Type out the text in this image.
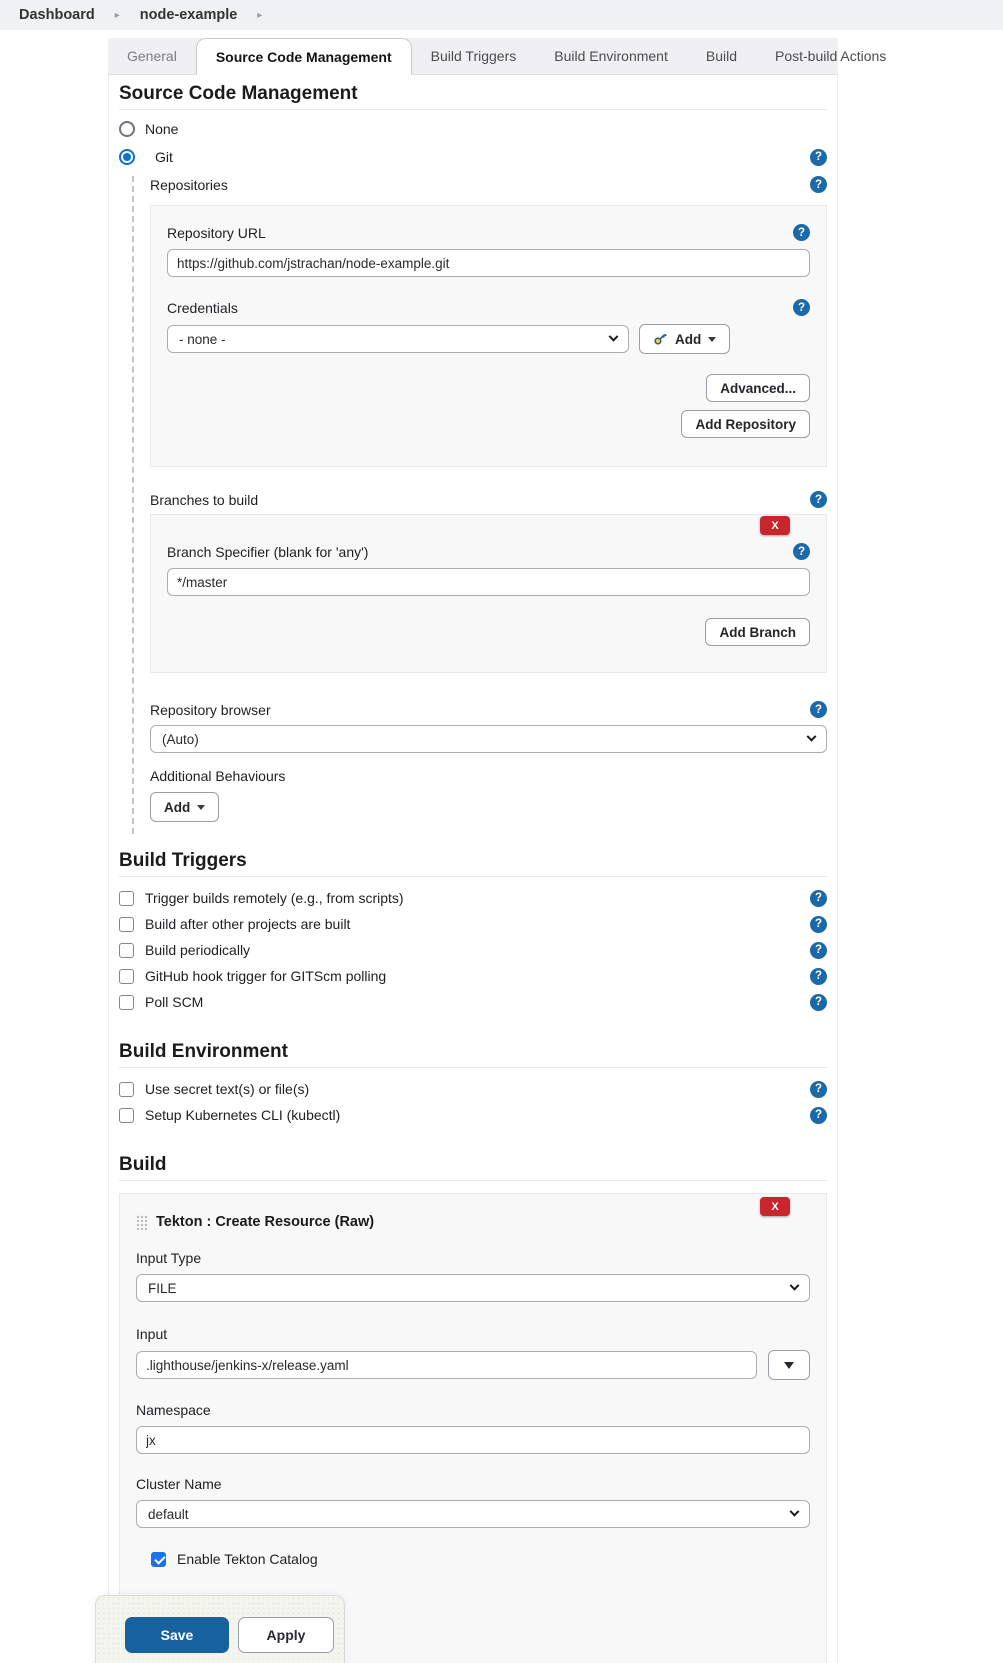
Dashboard ▸ node-example ▸
General	Source Code Management	Build Triggers	Build Environment	Build	Post-build Actions
Source Code Management
None
Git	?
Repositories	?
Repository URL	?
https://github.com/jstrachan/node-example.git
Credentials	?
- none -	Add
Advanced...
Add Repository
Branches to build	?
X
Branch Specifier (blank for 'any')	?
*/master
Add Branch
Repository browser	?
(Auto)
Additional Behaviours
Add
Build Triggers
Trigger builds remotely (e.g., from scripts)	?
Build after other projects are built	?
Build periodically	?
GitHub hook trigger for GITScm polling	?
Poll SCM	?
Build Environment
Use secret text(s) or file(s)	?
Setup Kubernetes CLI (kubectl)	?
Build
X
Tekton : Create Resource (Raw)
Input Type
FILE
Input
.lighthouse/jenkins-x/release.yaml
Namespace
jx
Cluster Name
default
Enable Tekton Catalog
Save	Apply
